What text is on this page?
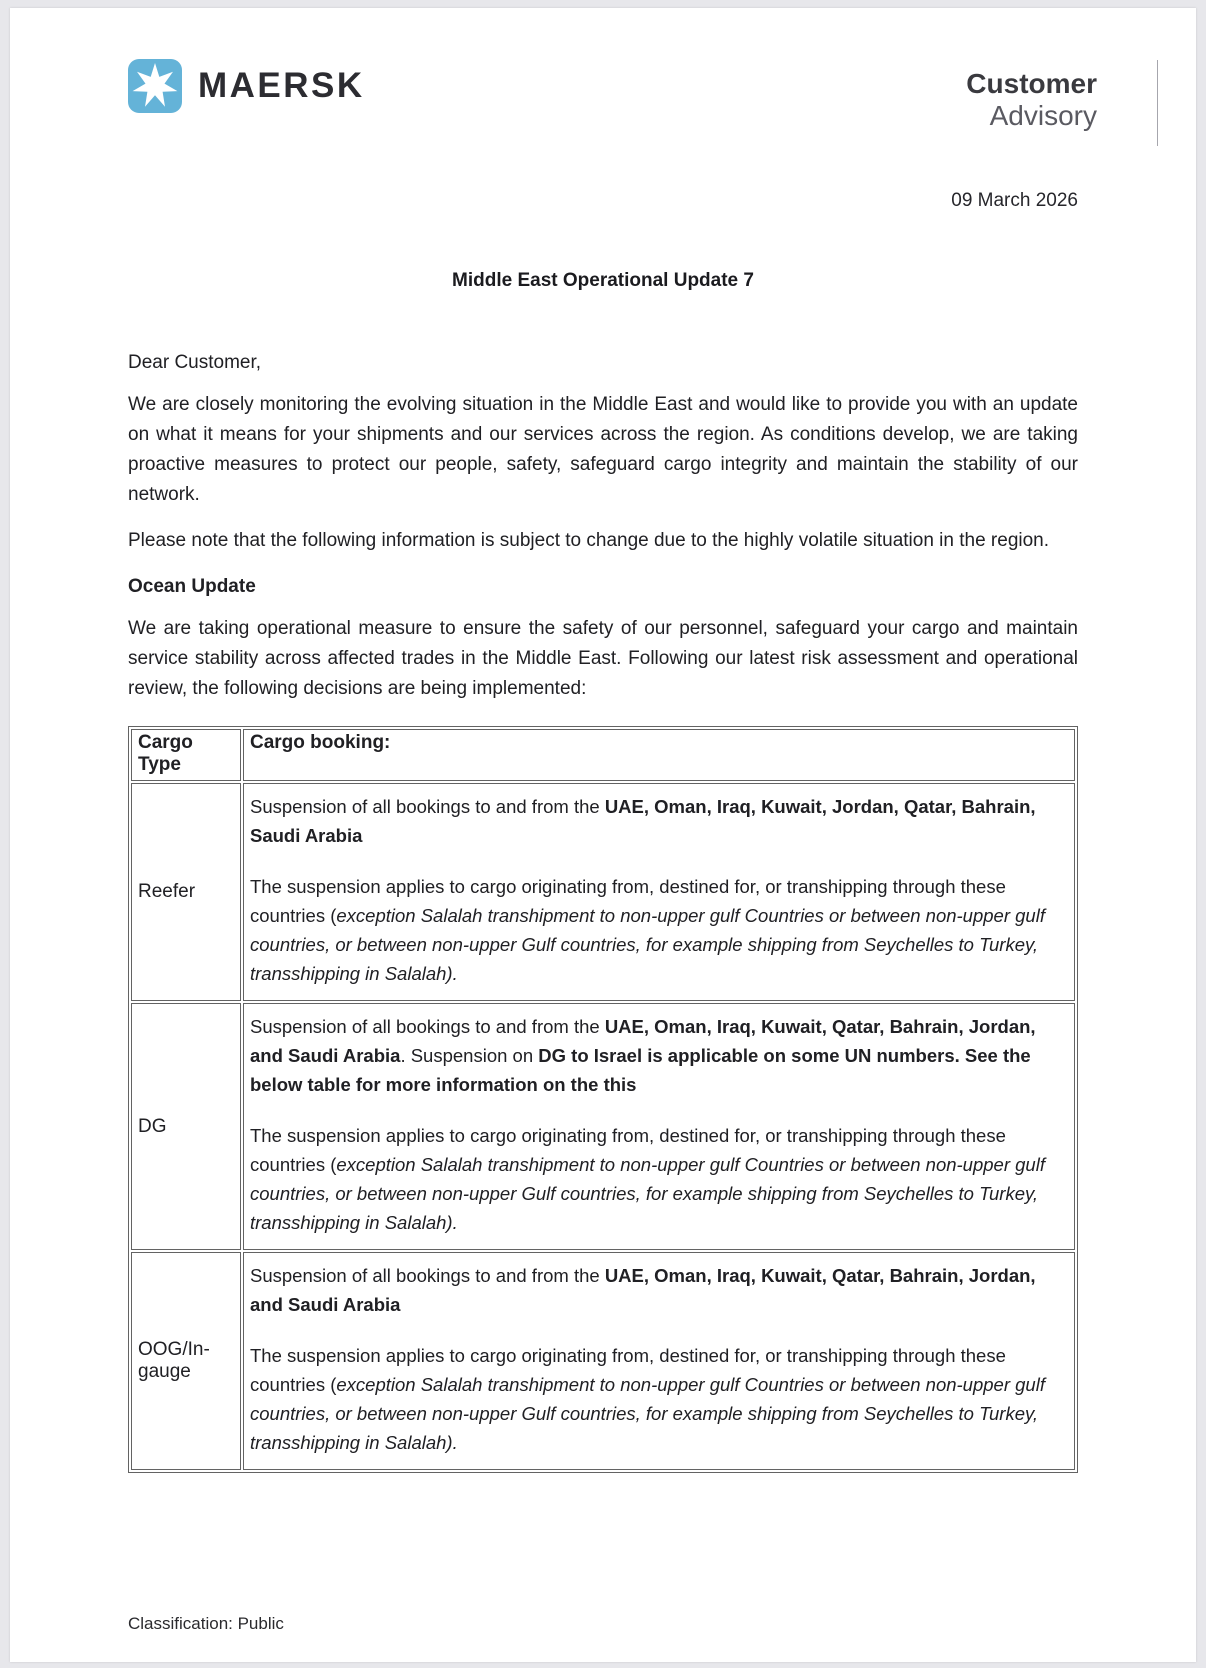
MAERSK	Customer
Advisory
09 March 2026
Middle East Operational Update 7
Dear Customer,

We are closely monitoring the evolving situation in the Middle East and would like to provide you with an update on what it means for your shipments and our services across the region. As conditions develop, we are taking proactive measures to protect our people, safety, safeguard cargo integrity and maintain the stability of our network.

Please note that the following information is subject to change due to the highly volatile situation in the region.

Ocean Update

We are taking operational measure to ensure the safety of our personnel, safeguard your cargo and maintain service stability across affected trades in the Middle East. Following our latest risk assessment and operational review, the following decisions are being implemented:

Cargo Type	Cargo booking:
Reefer	Suspension of all bookings to and from the UAE, Oman, Iraq, Kuwait, Jordan, Qatar, Bahrain, Saudi Arabia

The suspension applies to cargo originating from, destined for, or transhipping through these countries (exception Salalah transhipment to non-upper gulf Countries or between non-upper gulf countries, or between non-upper Gulf countries, for example shipping from Seychelles to Turkey, transshipping in Salalah).

DG	Suspension of all bookings to and from the UAE, Oman, Iraq, Kuwait, Qatar, Bahrain, Jordan, and Saudi Arabia. Suspension on DG to Israel is applicable on some UN numbers. See the below table for more information on the this

The suspension applies to cargo originating from, destined for, or transhipping through these countries (exception Salalah transhipment to non-upper gulf Countries or between non-upper gulf countries, or between non-upper Gulf countries, for example shipping from Seychelles to Turkey, transshipping in Salalah).

OOG/In-gauge	Suspension of all bookings to and from the UAE, Oman, Iraq, Kuwait, Qatar, Bahrain, Jordan, and Saudi Arabia

The suspension applies to cargo originating from, destined for, or transhipping through these countries (exception Salalah transhipment to non-upper gulf Countries or between non-upper gulf countries, or between non-upper Gulf countries, for example shipping from Seychelles to Turkey, transshipping in Salalah).

Classification: Public
